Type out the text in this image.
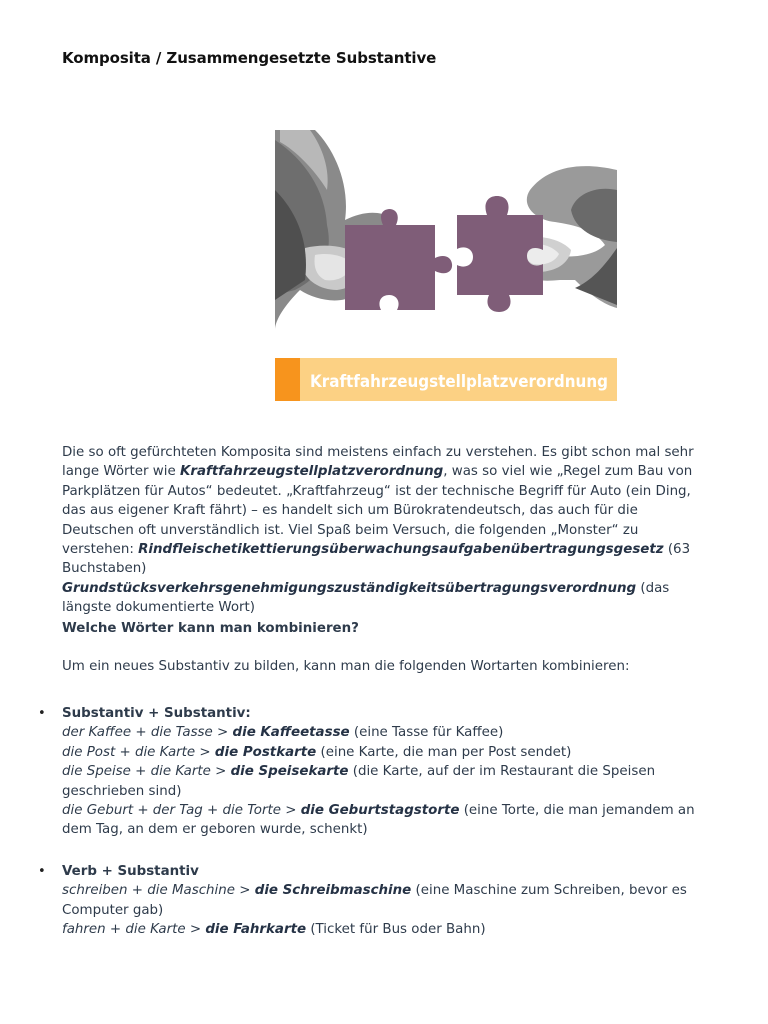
Komposita / Zusammengesetzte Substantive
Kraftfahrzeugstellplatzverordnung

Die so oft gefürchteten Komposita sind meistens einfach zu verstehen. Es gibt schon mal sehr lange Wörter wie Kraftfahrzeugstellplatzverordnung, was so viel wie „Regel zum Bau von Parkplätzen für Autos“ bedeutet. „Kraftfahrzeug“ ist der technische Begriff für Auto (ein Ding, das aus eigener Kraft fährt) – es handelt sich um Bürokratendeutsch, das auch für die Deutschen oft unverständlich ist. Viel Spaß beim Versuch, die folgenden „Monster“ zu verstehen: Rindfleischetikettierungsüberwachungsaufgabenübertragungsgesetz (63 Buchstaben) Grundstücksverkehrsgenehmigungszuständigkeitsübertragungsverordnung (das längste dokumentierte Wort)

Welche Wörter kann man kombinieren?
Um ein neues Substantiv zu bilden, kann man die folgenden Wortarten kombinieren:
• Substantiv + Substantiv:
der Kaffee + die Tasse > die Kaffeetasse (eine Tasse für Kaffee)
die Post + die Karte > die Postkarte (eine Karte, die man per Post sendet)
die Speise + die Karte > die Speisekarte (die Karte, auf der im Restaurant die Speisen geschrieben sind)
die Geburt + der Tag + die Torte > die Geburtstagstorte (eine Torte, die man jemandem an dem Tag, an dem er geboren wurde, schenkt)
• Verb + Substantiv
schreiben + die Maschine > die Schreibmaschine (eine Maschine zum Schreiben, bevor es Computer gab)
fahren + die Karte > die Fahrkarte (Ticket für Bus oder Bahn)
